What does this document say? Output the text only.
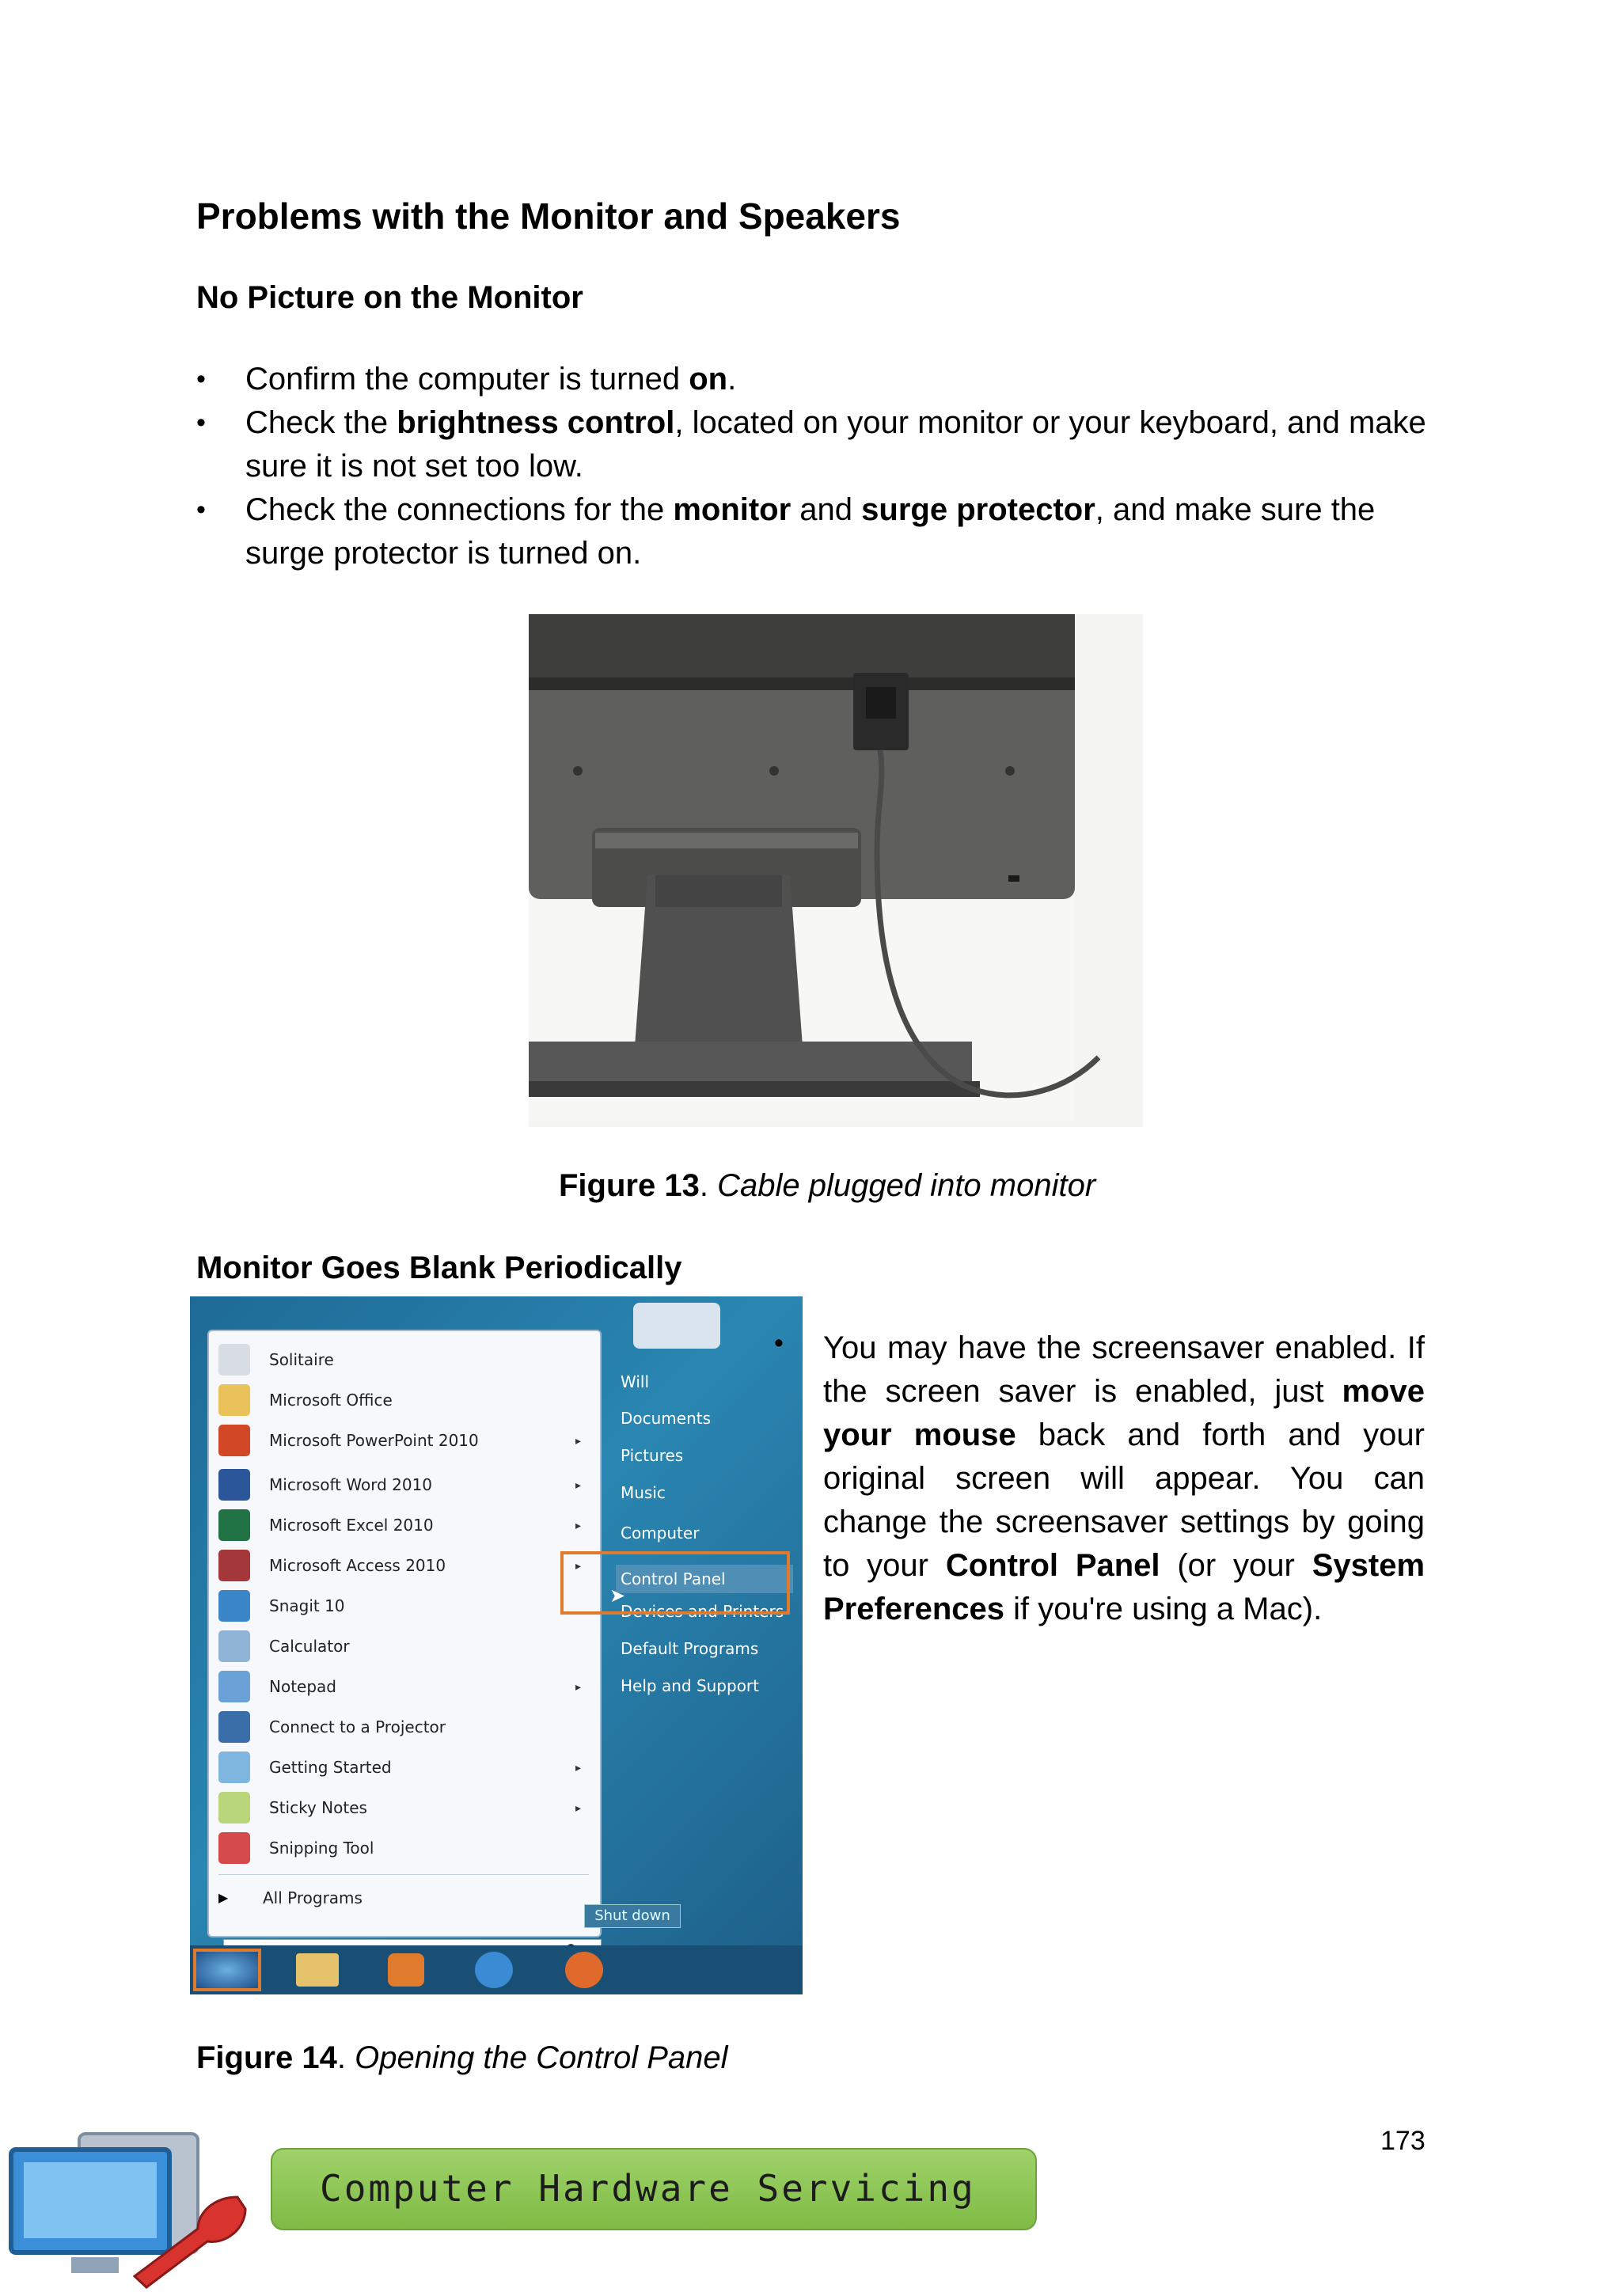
Problems with the Monitor and Speakers
No Picture on the Monitor
• Confirm the computer is turned on.
• Check the brightness control, located on your monitor or your keyboard, and make sure it is not set too low.
• Check the connections for the monitor and surge protector, and make sure the surge protector is turned on.
Figure 13. Cable plugged into monitor
Monitor Goes Blank Periodically
Solitaire
Microsoft Office
Microsoft PowerPoint 2010	▸
Microsoft Word 2010	▸
Microsoft Excel 2010	▸
Microsoft Access 2010	▸
Snagit 10
Calculator
Notepad	▸
Connect to a Projector
Getting Started	▸
Sticky Notes	▸
Snipping Tool
▶	All Programs
Will
Documents
Pictures
Music
Computer
Control Panel
Devices and Printers
Default Programs
Help and Support
➤
Shut down

You may have the screensaver enabled. If the screen saver is enabled, just move your mouse back and forth and your original screen will appear. You can change the screensaver settings by going to your Control Panel (or your System Preferences if you're using a Mac).

•
Figure 14. Opening the Control Panel
173
Computer Hardware Servicing
